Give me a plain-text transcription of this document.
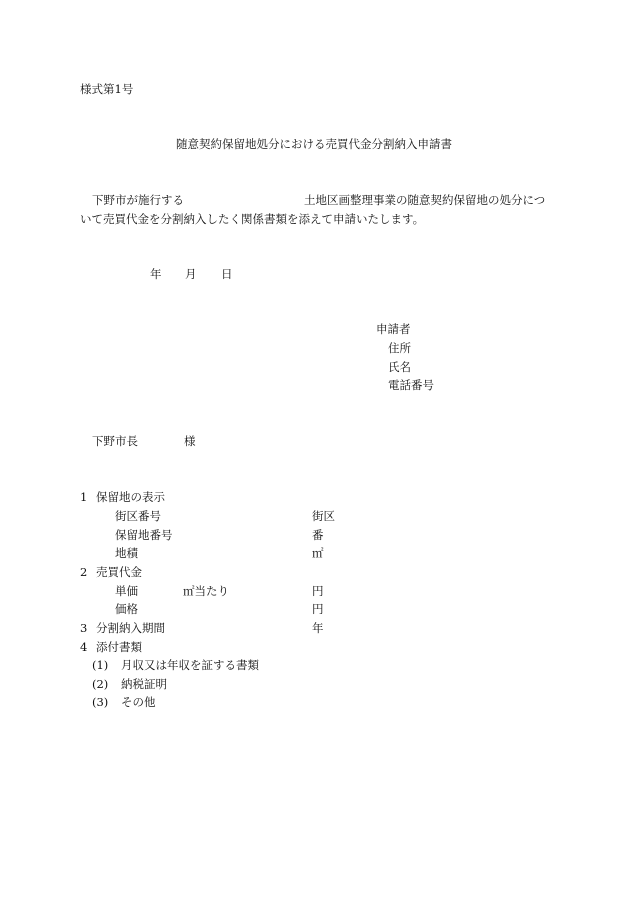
様式第1号
随意契約保留地処分における売買代金分割納入申請書
下野市が施行する	土地区画整理事業の随意契約保留地の処分につ
いて売買代金を分割納入したく関係書類を添えて申請いたします。
年 月 日
申請者
住所
氏名
電話番号
下野市長	様
1 保留地の表示
街区番号	街区
保留地番号	番
地積	㎡
2 売買代金
単価	㎡当たり	円
価格	円
3 分割納入期間	年
4 添付書類
(1) 月収又は年収を証する書類
(2) 納税証明
(3) その他
